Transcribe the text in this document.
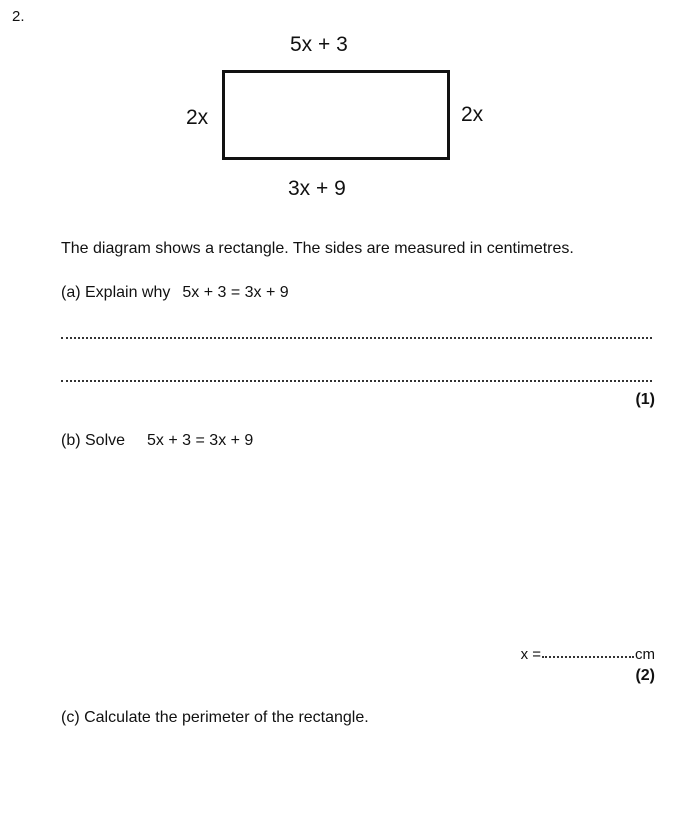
2.
5x + 3
2x	2x
3x + 9
The diagram shows a rectangle. The sides are measured in centimetres.
(a) Explain why 5x + 3 = 3x + 9
(1)
(b) Solve 5x + 3 = 3x + 9
x =	cm
(2)
(c) Calculate the perimeter of the rectangle.
